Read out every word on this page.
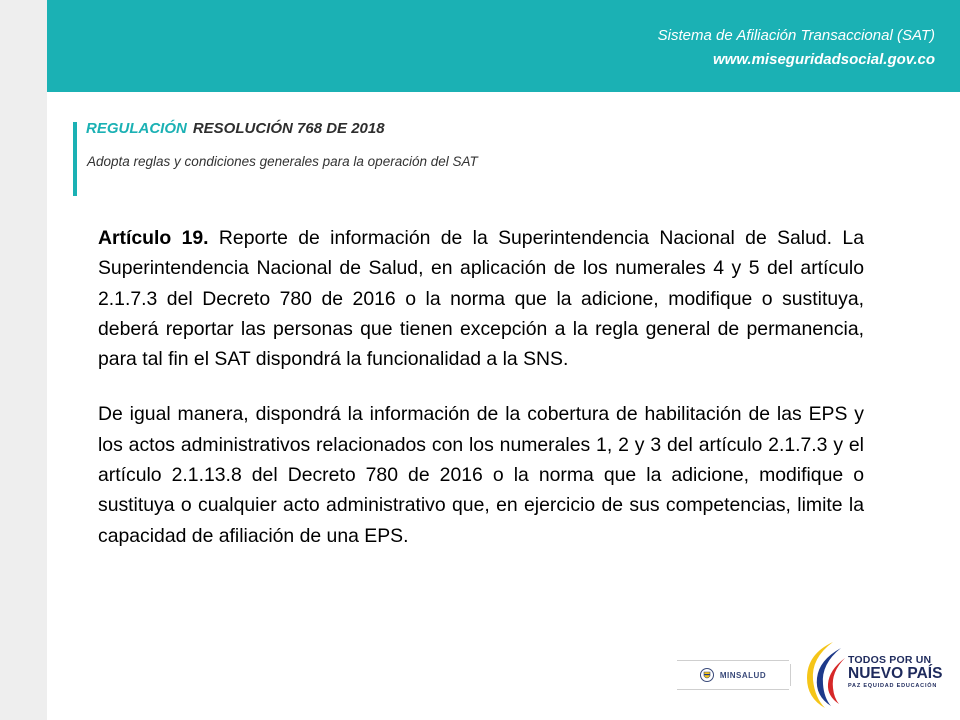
Sistema de Afiliación Transaccional (SAT)
www.miseguridadsocial.gov.co
REGULACIÓN RESOLUCIÓN 768 DE 2018
Adopta reglas y condiciones generales para la operación del SAT

Artículo 19. Reporte de información de la Superintendencia Nacional de Salud. La Superintendencia Nacional de Salud, en aplicación de los numerales 4 y 5 del artículo 2.1.7.3 del Decreto 780 de 2016 o la norma que la adicione, modifique o sustituya, deberá reportar las personas que tienen excepción a la regla general de permanencia, para tal fin el SAT dispondrá la funcionalidad a la SNS.

De igual manera, dispondrá la información de la cobertura de habilitación de las EPS y los actos administrativos relacionados con los numerales 1, 2 y 3 del artículo 2.1.7.3 y el artículo 2.1.13.8 del Decreto 780 de 2016 o la norma que la adicione, modifique o sustituya o cualquier acto administrativo que, en ejercicio de sus competencias, limite la capacidad de afiliación de una EPS.

MINSALUD
TODOS POR UN
NUEVO PAÍS
PAZ EQUIDAD EDUCACIÓN
